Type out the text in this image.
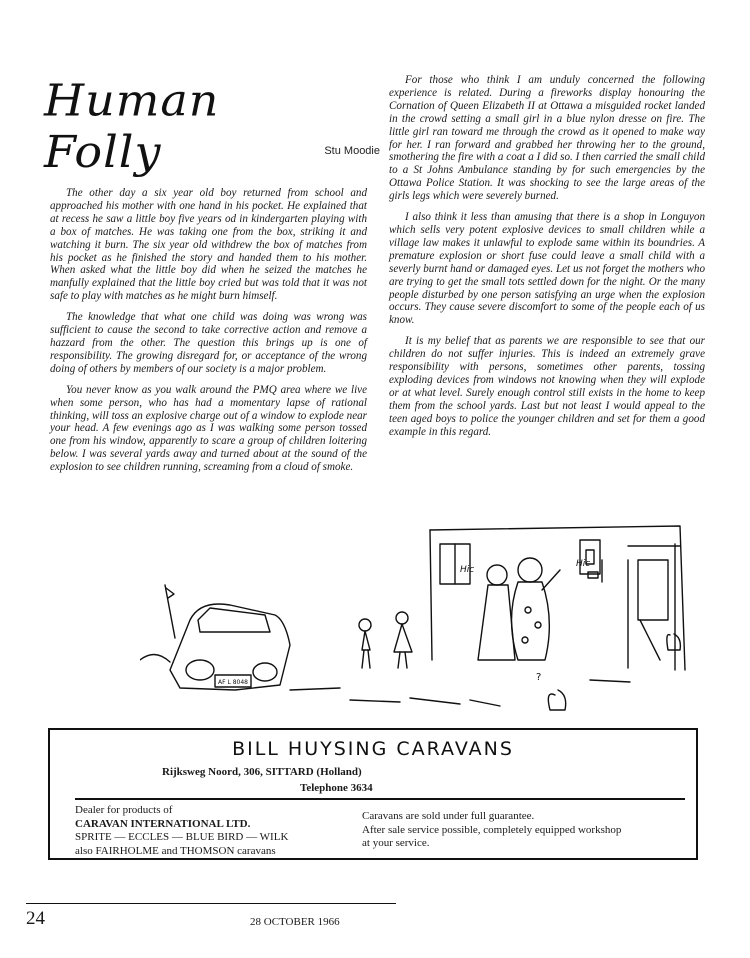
Human Folly	Stu Moodie

The other day a six year old boy returned from school and approached his mother with one hand in his pocket. He explained that at recess he saw a little boy five years od in kindergarten playing with a box of matches. He was taking one from the box, striking it and watching it burn. The six year old withdrew the box of matches from his pocket as he finished the story and handed them to his mother. When asked what the little boy did when he seized the matches he manfully explained that the little boy cried but was told that it was not safe to play with matches as he might burn himself.

The knowledge that what one child was doing was wrong was sufficient to cause the second to take corrective action and remove a hazzard from the other. The question this brings up is one of responsibility. The growing disregard for, or acceptance of the wrong doing of others by members of our society is a major problem.

You never know as you walk around the PMQ area where we live when some person, who has had a momentary lapse of rational thinking, will toss an explosive charge out of a window to explode near your head. A few evenings ago as I was walking some person tossed one from his window, apparently to scare a group of children loitering below. I was several yards away and turned about at the sound of the explosion to see children running, screaming from a cloud of smoke.

For those who think I am unduly concerned the following experience is related. During a fireworks display honouring the Cornation of Queen Elizabeth II at Ottawa a misguided rocket landed in the crowd setting a small girl in a blue nylon dresse on fire. The little girl ran toward me through the crowd as it opened to make way for her. I ran forward and grabbed her throwing her to the ground, smothering the fire with a coat a I did so. I then carried the small child to a St Johns Ambulance standing by for such emergencies by the Ottawa Police Station. It was shocking to see the large areas of the girls legs which were severely burned.

I also think it less than amusing that there is a shop in Longuyon which sells very potent explosive devices to small children while a village law makes it unlawful to explode same within its boundries. A premature explosion or short fuse could leave a small child with a severly burnt hand or damaged eyes. Let us not forget the mothers who are trying to get the small tots settled down for the night. Or the many people disturbed by one person satisfying an urge when the explosion occurs. They cause severe discomfort to some of the people each of us know.

It is my belief that as parents we are responsible to see that our children do not suffer injuries. This is indeed an extremely grave responsibility with persons, sometimes other parents, tossing exploding devices from windows not knowing when they will explode or at what level. Surely enough control still exists in the home to keep them from the school yards. Last but not least I would appeal to the teen aged boys to police the younger children and set for them a good example in this regard.

Hic
Hic
AF L 8048	?
BILL HUYSING CARAVANS
Rijksweg Noord, 306, SITTARD (Holland)
Telephone 3634
Dealer for products of
CARAVAN INTERNATIONAL LTD.
SPRITE — ECCLES — BLUE BIRD — WILK
also FAIRHOLME and THOMSON caravans
Caravans are sold under full guarantee.
After sale service possible, completely equipped workshop
at your service.
24	28 OCTOBER 1966
